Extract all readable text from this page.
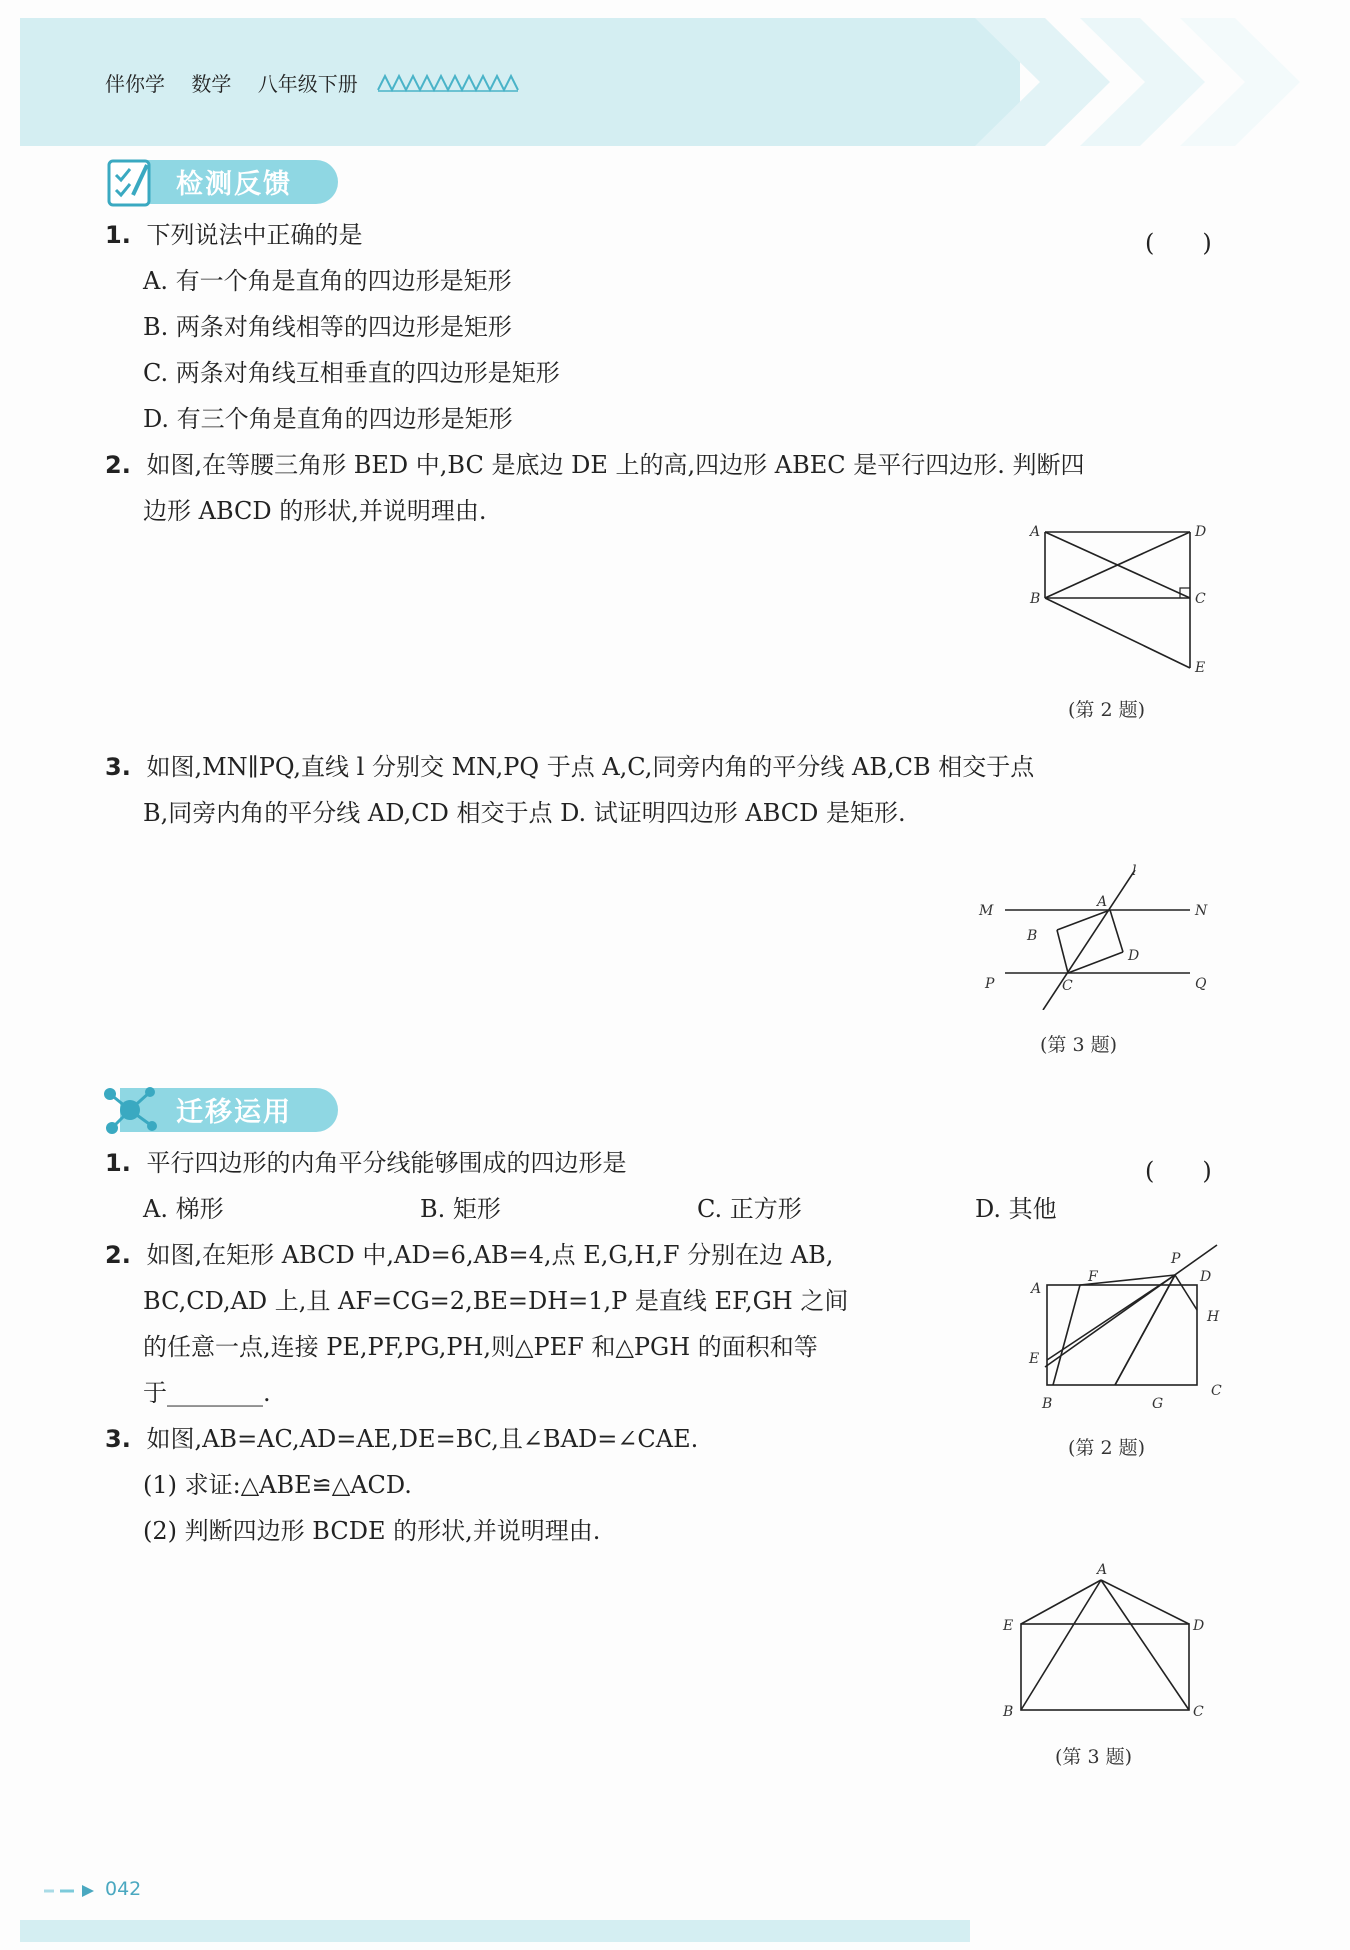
伴你学 数学 八年级下册
检测反馈
1. 下列说法中正确的是	(　　)
A. 有一个角是直角的四边形是矩形
B. 两条对角线相等的四边形是矩形
C. 两条对角线互相垂直的四边形是矩形
D. 有三个角是直角的四边形是矩形
2. 如图,在等腰三角形 BED 中,BC 是底边 DE 上的高,四边形 ABEC 是平行四边形. 判断四
边形 ABCD 的形状,并说明理由.
A	D
B	C
E
(第 2 题)
3. 如图,MN∥PQ,直线 l 分别交 MN,PQ 于点 A,C,同旁内角的平分线 AB,CB 相交于点
B,同旁内角的平分线 AD,CD 相交于点 D. 试证明四边形 ABCD 是矩形.
l
A
M	N
B
D
P	C	Q
(第 3 题)
迁移运用
1. 平行四边形的内角平分线能够围成的四边形是	(　　)
A. 梯形	B. 矩形	C. 正方形	D. 其他
2. 如图,在矩形 ABCD 中,AD=6,AB=4,点 E,G,H,F 分别在边 AB,
BC,CD,AD 上,且 AF=CG=2,BE=DH=1,P 是直线 EF,GH 之间
的任意一点,连接 PE,PF,PG,PH,则△PEF 和△PGH 的面积和等
于________.
A
F
P
D
H
E
B	G
C
(第 2 题)
3. 如图,AB=AC,AD=AE,DE=BC,且∠BAD=∠CAE.
(1) 求证:△ABE≌△ACD.
(2) 判断四边形 BCDE 的形状,并说明理由.
A
E	D
B	C
(第 3 题)
042
